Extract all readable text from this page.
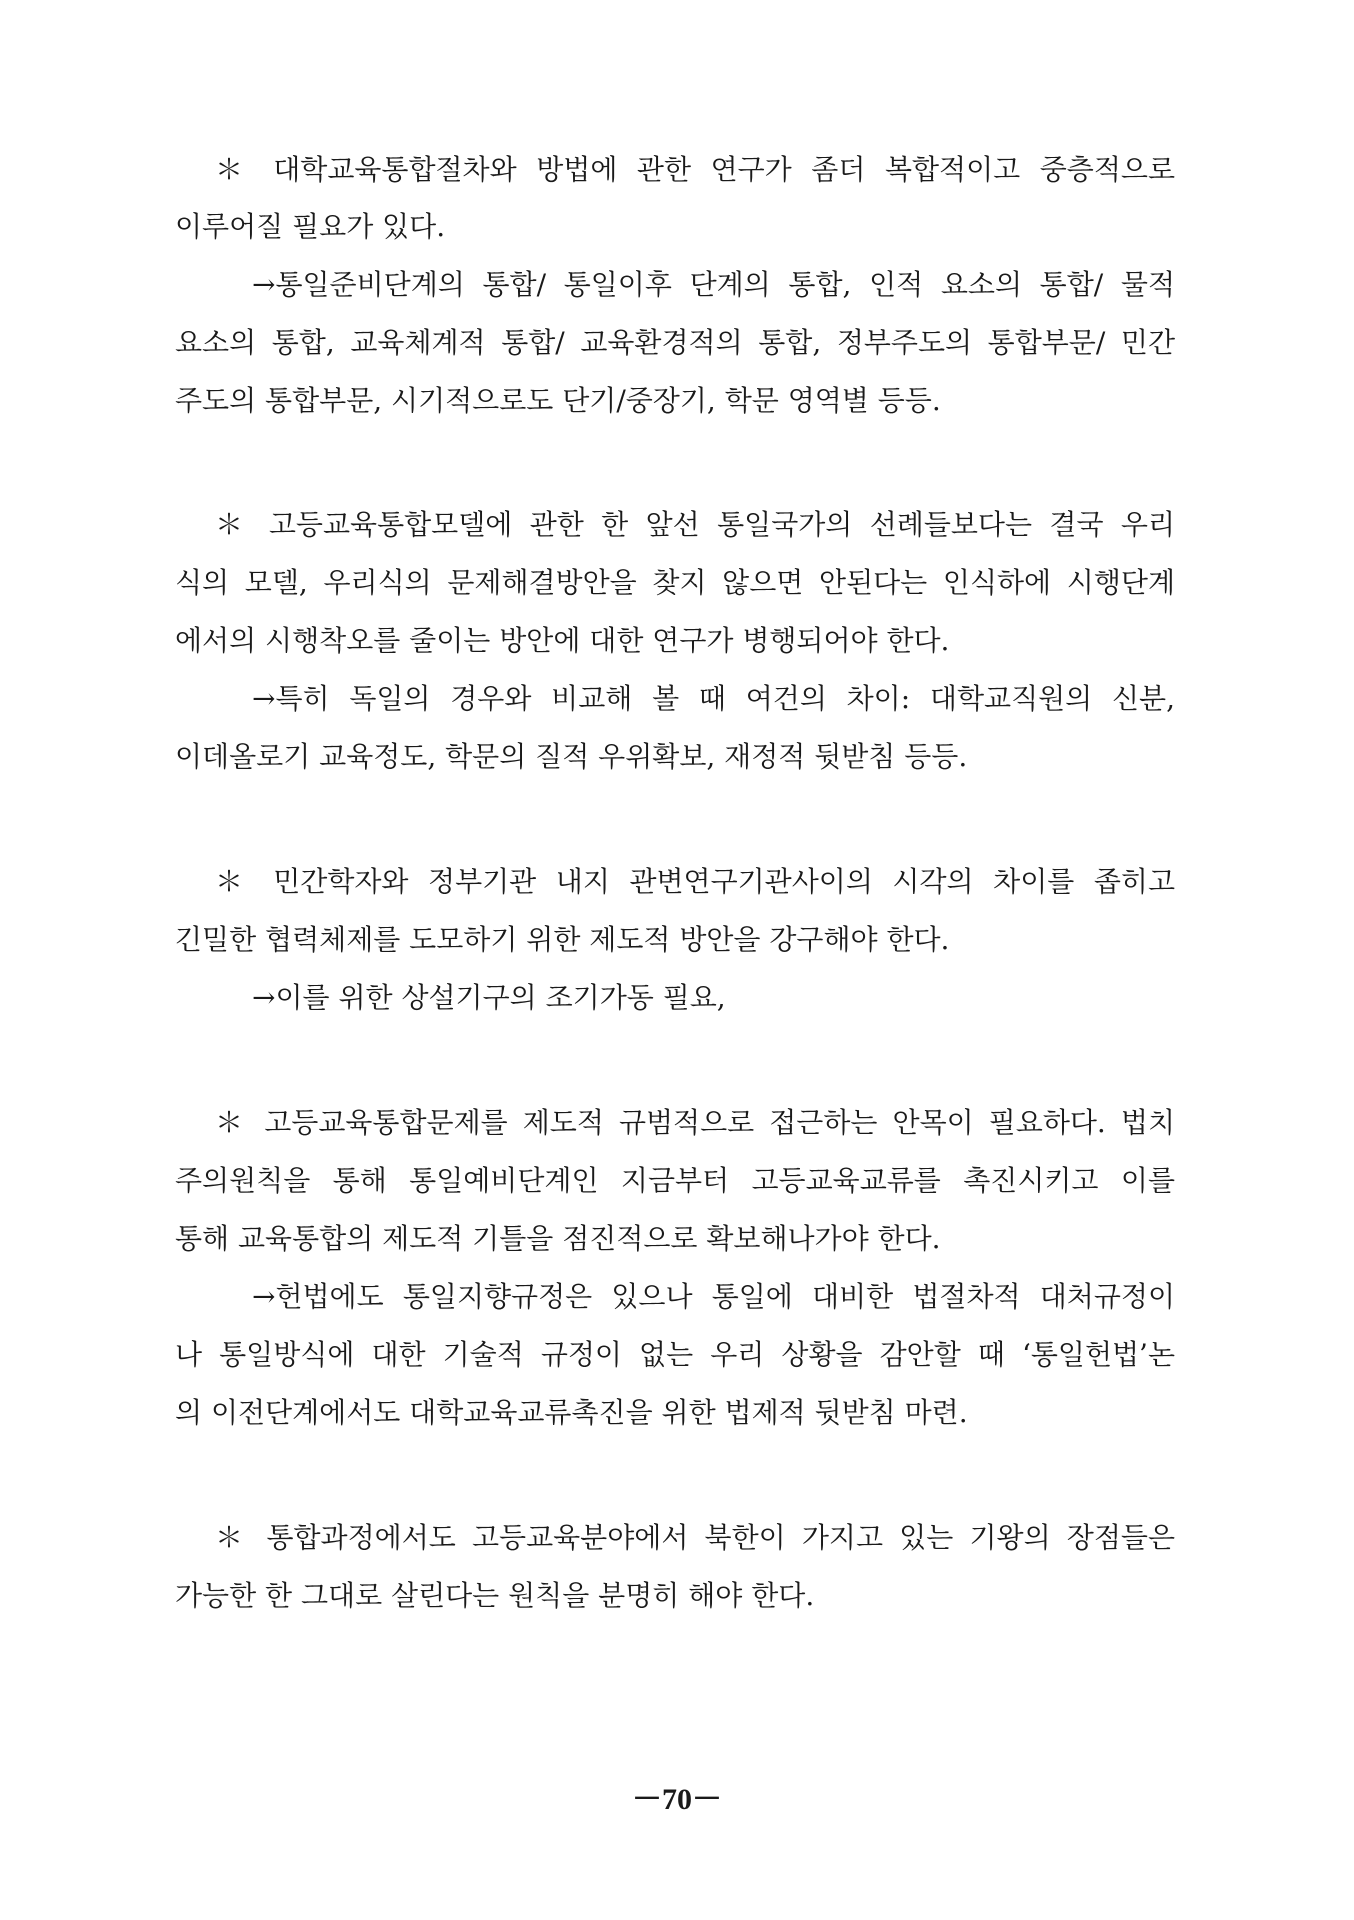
＊ 대학교육통합절차와 방법에 관한 연구가 좀더 복합적이고 중층적으로
이루어질 필요가 있다.
→통일준비단계의 통합/ 통일이후 단계의 통합, 인적 요소의 통합/ 물적
요소의 통합, 교육체계적 통합/ 교육환경적의 통합, 정부주도의 통합부문/ 민간
주도의 통합부문, 시기적으로도 단기/중장기, 학문 영역별 등등.
＊ 고등교육통합모델에 관한 한 앞선 통일국가의 선례들보다는 결국 우리
식의 모델, 우리식의 문제해결방안을 찾지 않으면 안된다는 인식하에 시행단계
에서의 시행착오를 줄이는 방안에 대한 연구가 병행되어야 한다.
→특히 독일의 경우와 비교해 볼 때 여건의 차이: 대학교직원의 신분,
이데올로기 교육정도, 학문의 질적 우위확보, 재정적 뒷받침 등등.
＊ 민간학자와 정부기관 내지 관변연구기관사이의 시각의 차이를 좁히고
긴밀한 협력체제를 도모하기 위한 제도적 방안을 강구해야 한다.
→이를 위한 상설기구의 조기가동 필요,
＊ 고등교육통합문제를 제도적 규범적으로 접근하는 안목이 필요하다. 법치
주의원칙을 통해 통일예비단계인 지금부터 고등교육교류를 촉진시키고 이를
통해 교육통합의 제도적 기틀을 점진적으로 확보해나가야 한다.
→헌법에도 통일지향규정은 있으나 통일에 대비한 법절차적 대처규정이
나 통일방식에 대한 기술적 규정이 없는 우리 상황을 감안할 때 ‘통일헌법’논
의 이전단계에서도 대학교육교류촉진을 위한 법제적 뒷받침 마련.
＊ 통합과정에서도 고등교육분야에서 북한이 가지고 있는 기왕의 장점들은
가능한 한 그대로 살린다는 원칙을 분명히 해야 한다.
－70－
